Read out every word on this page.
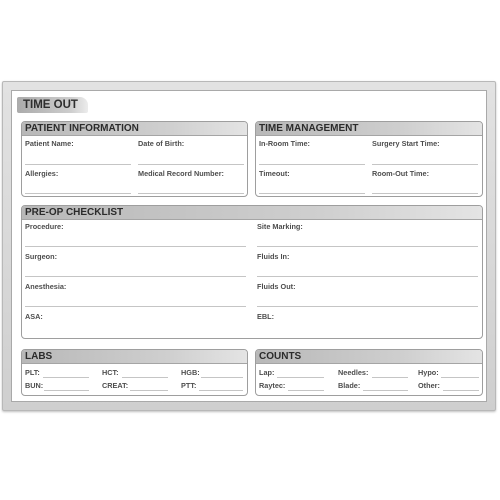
TIME OUT
PATIENT INFORMATION
Patient Name:	Date of Birth:
Allergies:	Medical Record Number:
TIME MANAGEMENT
In-Room Time:	Surgery Start Time:
Timeout:	Room-Out Time:
PRE-OP CHECKLIST
Procedure:	Site Marking:
Surgeon:	Fluids In:
Anesthesia:	Fluids Out:
ASA:	EBL:
LABS
PLT:	HCT:	HGB:
BUN:	CREAT:	PTT:
COUNTS
Lap:	Needles:	Hypo:
Raytec:	Blade:	Other:
